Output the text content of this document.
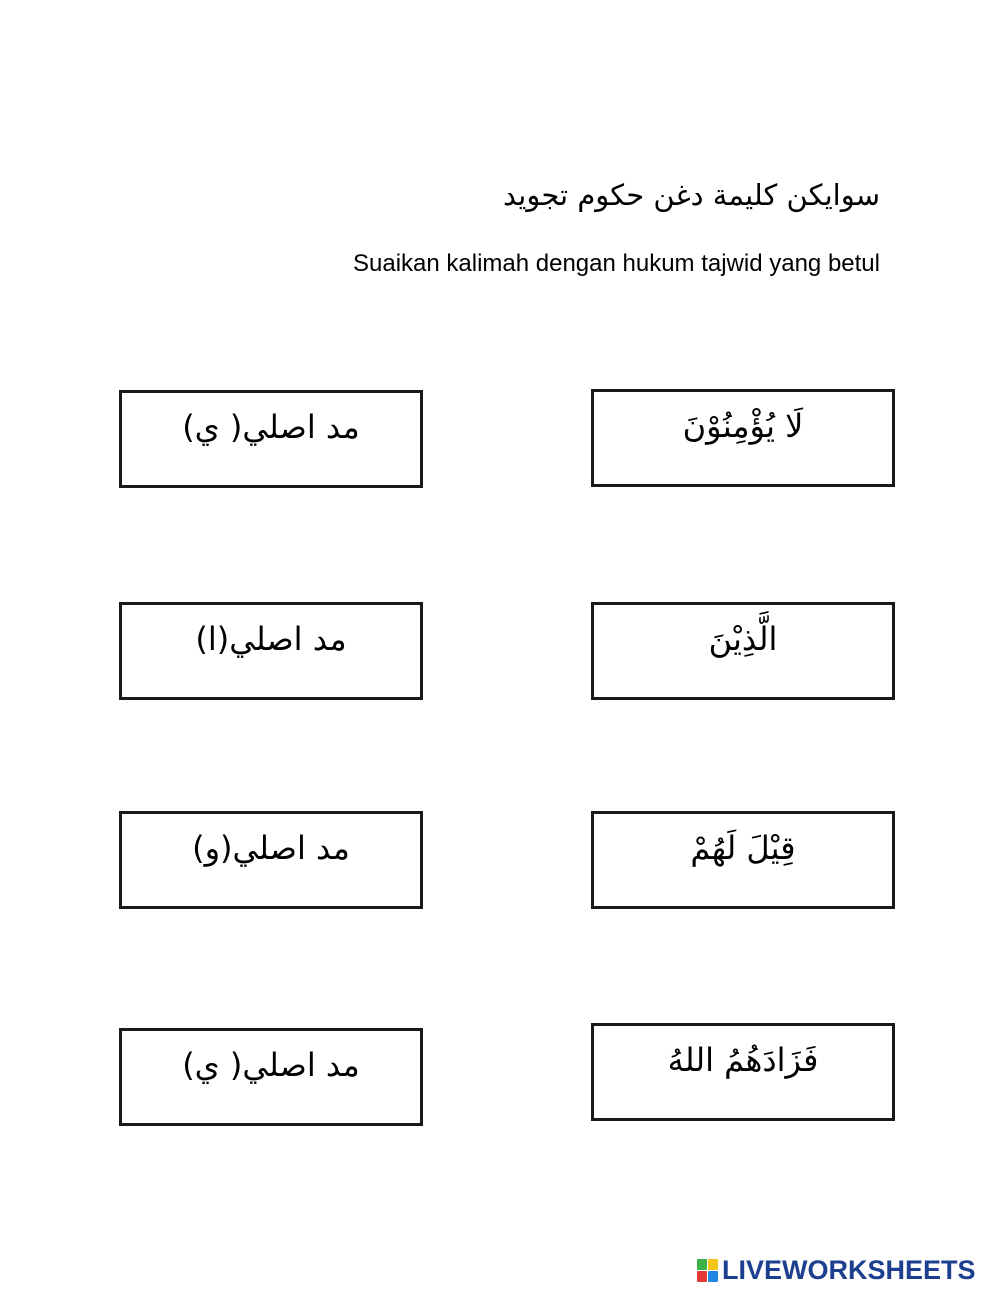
سوايكن كليمة دغن حكوم تجويد
Suaikan kalimah dengan hukum tajwid yang betul
مد اصلي( ي)
مد اصلي(ا)
مد اصلي(و)
مد اصلي( ي)
لَا يُؤْمِنُوْنَ
الَّذِيْنَ
قِيْلَ لَهُمْ
فَزَادَهُمُ اللهُ
LIVEWORKSHEETS
